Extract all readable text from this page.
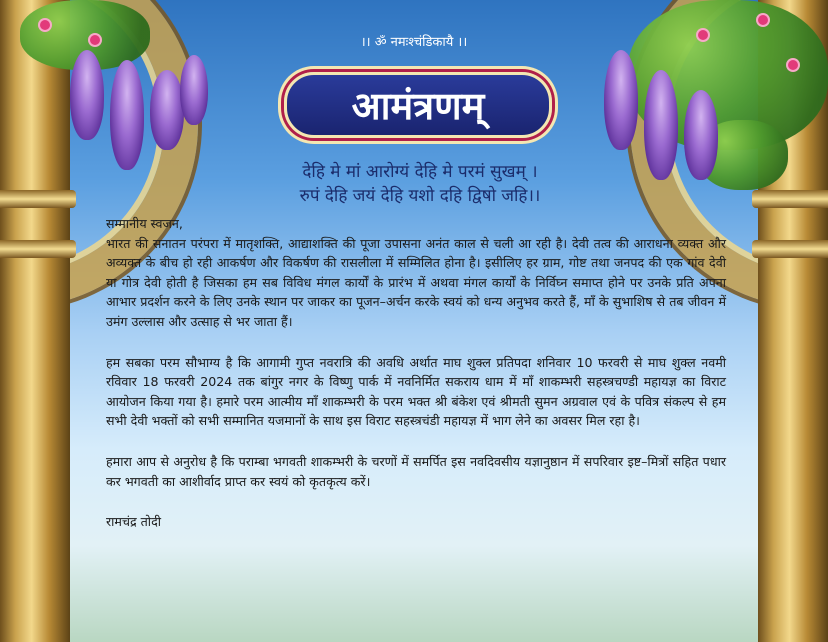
।। ॐ नमःश्चंडिकायै ।।
आमंत्रणम्
देहि मे मां आरोग्यं देहि मे परमं सुखम् ।
रुपं देहि जयं देहि यशो दहि द्विषो जहि।।

सम्मानीय स्वजन,

भारत की सनातन परंपरा में मातृशक्ति, आद्याशक्ति की पूजा उपासना अनंत काल से चली आ रही है। देवी तत्व की आराधना व्यक्त और अव्यक्त के बीच हो रही आकर्षण और विकर्षण की रासलीला में सम्मिलित होना है। इसीलिए हर ग्राम, गोष्ट तथा जनपद की एक गांव देवी या गोत्र देवी होती है जिसका हम सब विविध मंगल कार्यों के प्रारंभ में अथवा मंगल कार्यों के निर्विघ्न समाप्त होने पर उनके प्रति अपना आभार प्रदर्शन करने के लिए उनके स्थान पर जाकर का पूजन–अर्चन करके स्वयं को धन्य अनुभव करते हैं, माँ के सुभाशिष से तब जीवन में उमंग उल्लास और उत्साह से भर जाता हैं।

हम सबका परम सौभाग्य है कि आगामी गुप्त नवरात्रि की अवधि अर्थात माघ शुक्ल प्रतिपदा शनिवार 10 फरवरी से माघ शुक्ल नवमी रविवार 18 फरवरी 2024 तक बांगुर नगर के विष्णु पार्क में नवनिर्मित सकराय धाम में माँ शाकम्भरी सहस्त्रचण्डी महायज्ञ का विराट आयोजन किया गया है। हमारे परम आत्मीय माँ शाकम्भरी के परम भक्त श्री बंकेश एवं श्रीमती सुमन अग्रवाल एवं के पवित्र संकल्प से हम सभी देवी भक्तों को सभी सम्मानित यजमानों के साथ इस विराट सहस्त्रचंडी महायज्ञ में भाग लेने का अवसर मिल रहा है।

हमारा आप से अनुरोध है कि पराम्बा भगवती शाकम्भरी के चरणों में समर्पित इस नवदिवसीय यज्ञानुष्ठान में सपरिवार इष्ट–मित्रों सहित पधार कर भगवती का आशीर्वाद प्राप्त कर स्वयं को कृतकृत्य करें।

रामचंद्र तोदी
